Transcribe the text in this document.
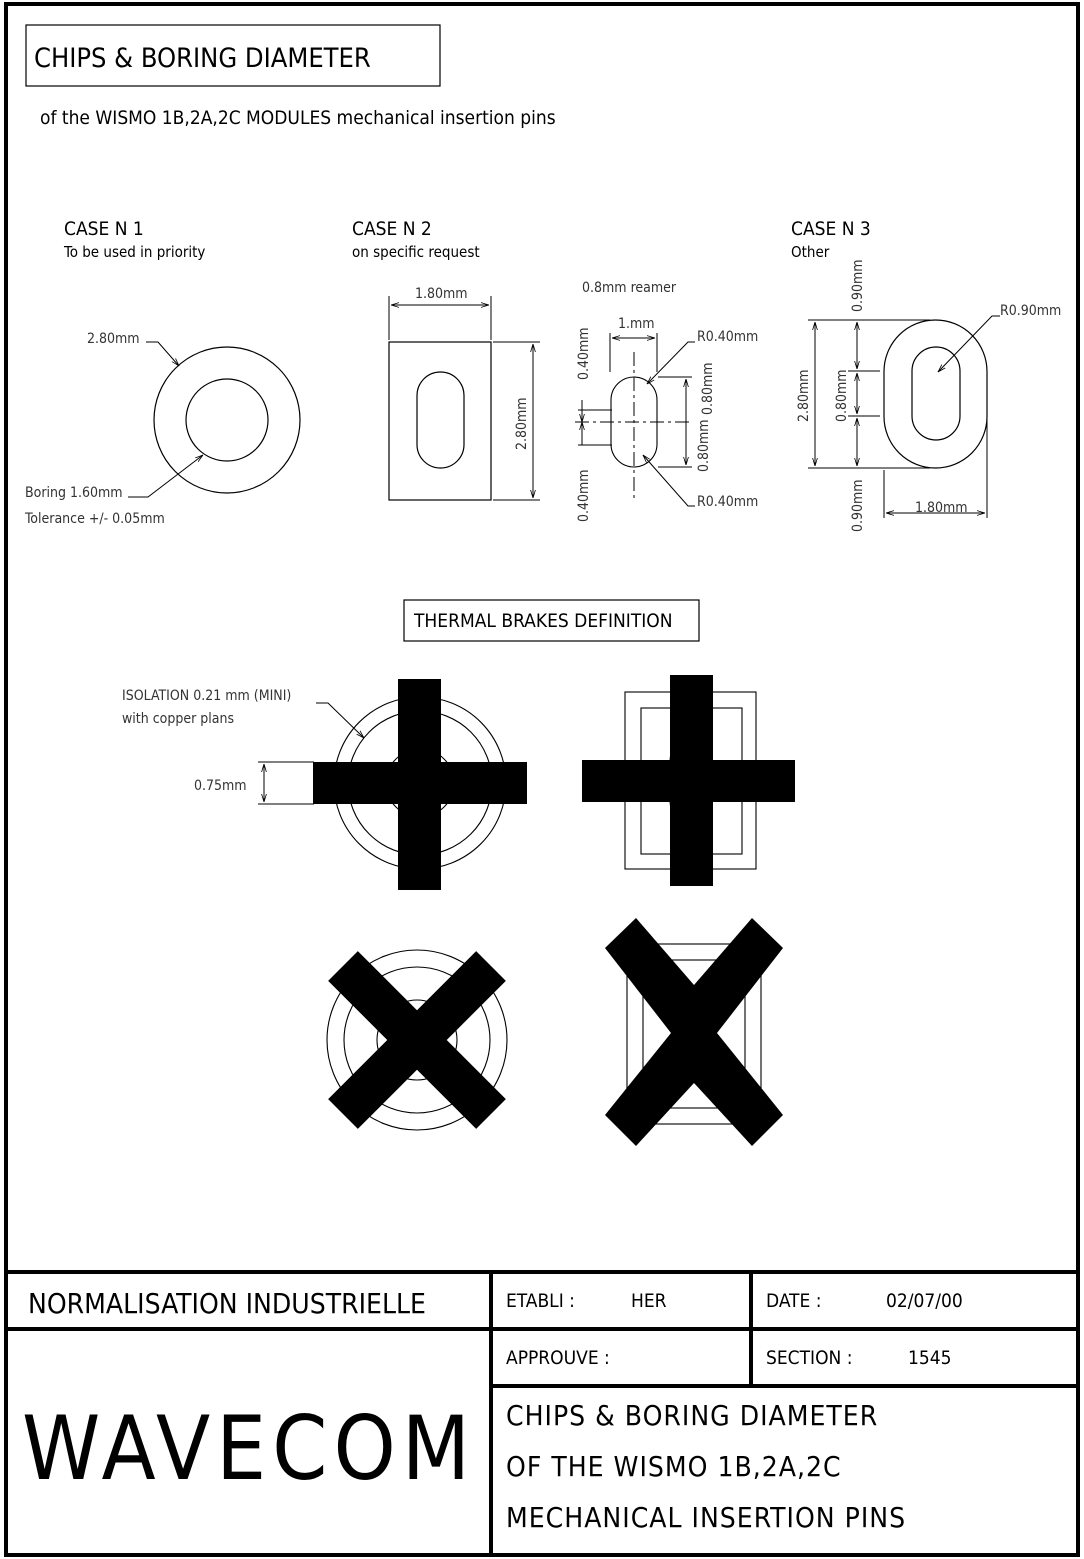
CHIPS & BORING DIAMETER
of the WISMO 1B,2A,2C MODULES mechanical insertion pins
CASE N 1
To be used in priority
2.80mm
Boring 1.60mm
Tolerance +/- 0.05mm
CASE N 2
on specific request
1.80mm
2.80mm
0.8mm reamer
1.mm
0.40mm
0.40mm
0.80mm
0.80mm
R0.40mm
R0.40mm
CASE N 3
Other
0.90mm
2.80mm 0.80mm
0.90mm
R0.90mm
1.80mm
THERMAL BRAKES DEFINITION
ISOLATION 0.21 mm (MINI)
with copper plans
0.75mm
NORMALISATION INDUSTRIELLE	ETABLI :	HER	DATE :	02/07/00
APPROUVE :	SECTION :	1545
WAVECOM CHIPS & BORING DIAMETER
OF THE WISMO 1B,2A,2C
MECHANICAL INSERTION PINS
